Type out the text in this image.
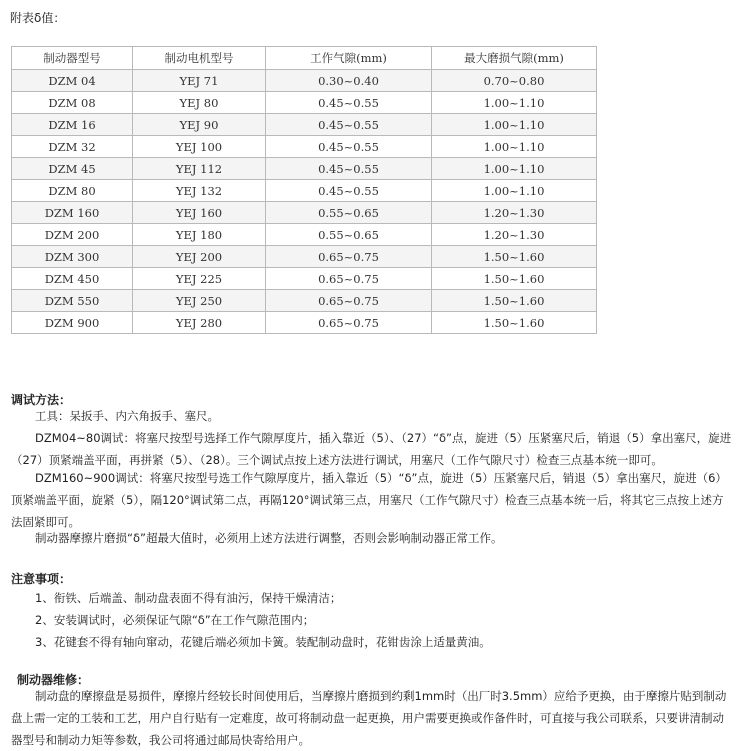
附表δ值：
制动器型号	制动电机型号	工作气隙(mm)	最大磨损气隙(mm)
DZM 04	YEJ 71	0.30~0.40	0.70~0.80
DZM 08	YEJ 80	0.45~0.55	1.00~1.10
DZM 16	YEJ 90	0.45~0.55	1.00~1.10
DZM 32	YEJ 100	0.45~0.55	1.00~1.10
DZM 45	YEJ 112	0.45~0.55	1.00~1.10
DZM 80	YEJ 132	0.45~0.55	1.00~1.10
DZM 160	YEJ 160	0.55~0.65	1.20~1.30
DZM 200	YEJ 180	0.55~0.65	1.20~1.30
DZM 300	YEJ 200	0.65~0.75	1.50~1.60
DZM 450	YEJ 225	0.65~0.75	1.50~1.60
DZM 550	YEJ 250	0.65~0.75	1.50~1.60
DZM 900	YEJ 280	0.65~0.75	1.50~1.60
调试方法：
工具：呆扳手、内六角扳手、塞尺。
DZM04~80调试：将塞尺按型号选择工作气隙厚度片，插入靠近（5）、（27）“δ”点，旋进（5）压紧塞尺后，销退（5）拿出塞尺，旋进（27）顶紧端盖平面，再拼紧（5）、（28）。三个调试点按上述方法进行调试，用塞尺（工作气隙尺寸）检查三点基本统一即可。
DZM160~900调试：将塞尺按型号选工作气隙厚度片，插入靠近（5）“δ”点，旋进（5）压紧塞尺后，销退（5）拿出塞尺，旋进（6）顶紧端盖平面，旋紧（5），隔120°调试第二点，再隔120°调试第三点，用塞尺（工作气隙尺寸）检查三点基本统一后，将其它三点按上述方法固紧即可。
制动器摩擦片磨损“δ”超最大值时，必须用上述方法进行调整，否则会影响制动器正常工作。
注意事项：
1、衔铁、后端盖、制动盘表面不得有油污，保持干燥清洁；
2、安装调试时，必须保证气隙“δ”在工作气隙范围内；
3、花键套不得有轴向窜动，花键后端必须加卡簧。装配制动盘时，花钳齿涂上适量黄油。
制动器维修：
制动盘的摩擦盘是易损件，摩擦片经较长时间使用后，当摩擦片磨损到约剩1mm时（出厂时3.5mm）应给予更换，由于摩擦片贴到制动盘上需一定的工装和工艺，用户自行贴有一定难度，故可将制动盘一起更换，用户需要更换或作备件时，可直接与我公司联系，只要讲清制动器型号和制动力矩等参数，我公司将通过邮局快寄给用户。
